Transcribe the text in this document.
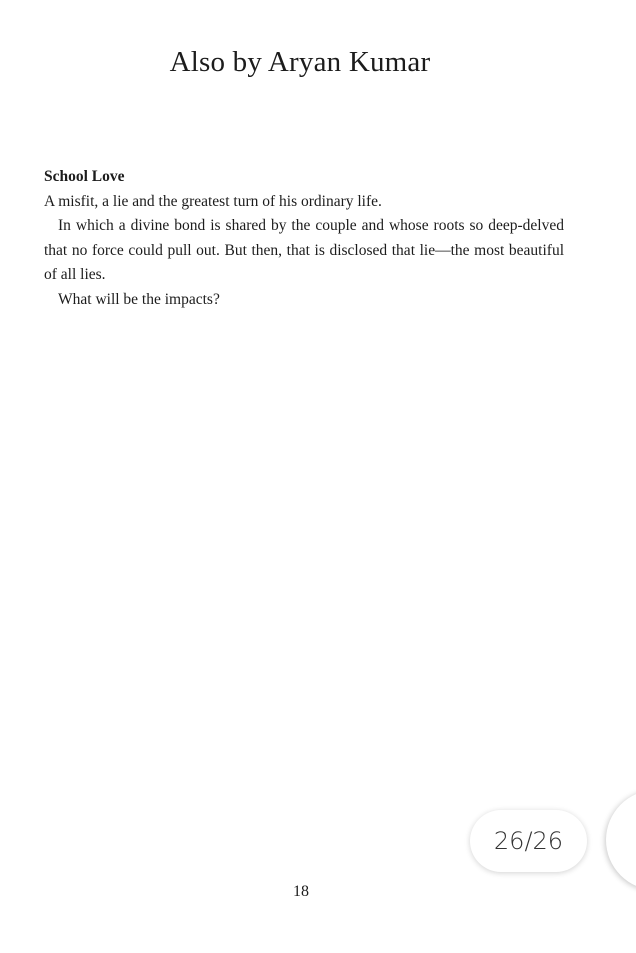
Also by Aryan Kumar

School Love

A misfit, a lie and the greatest turn of his ordinary life.

In which a divine bond is shared by the couple and whose roots so deep-delved that no force could pull out. But then, that is disclosed that lie—the most beautiful of all lies.

What will be the impacts?

18
26/26
